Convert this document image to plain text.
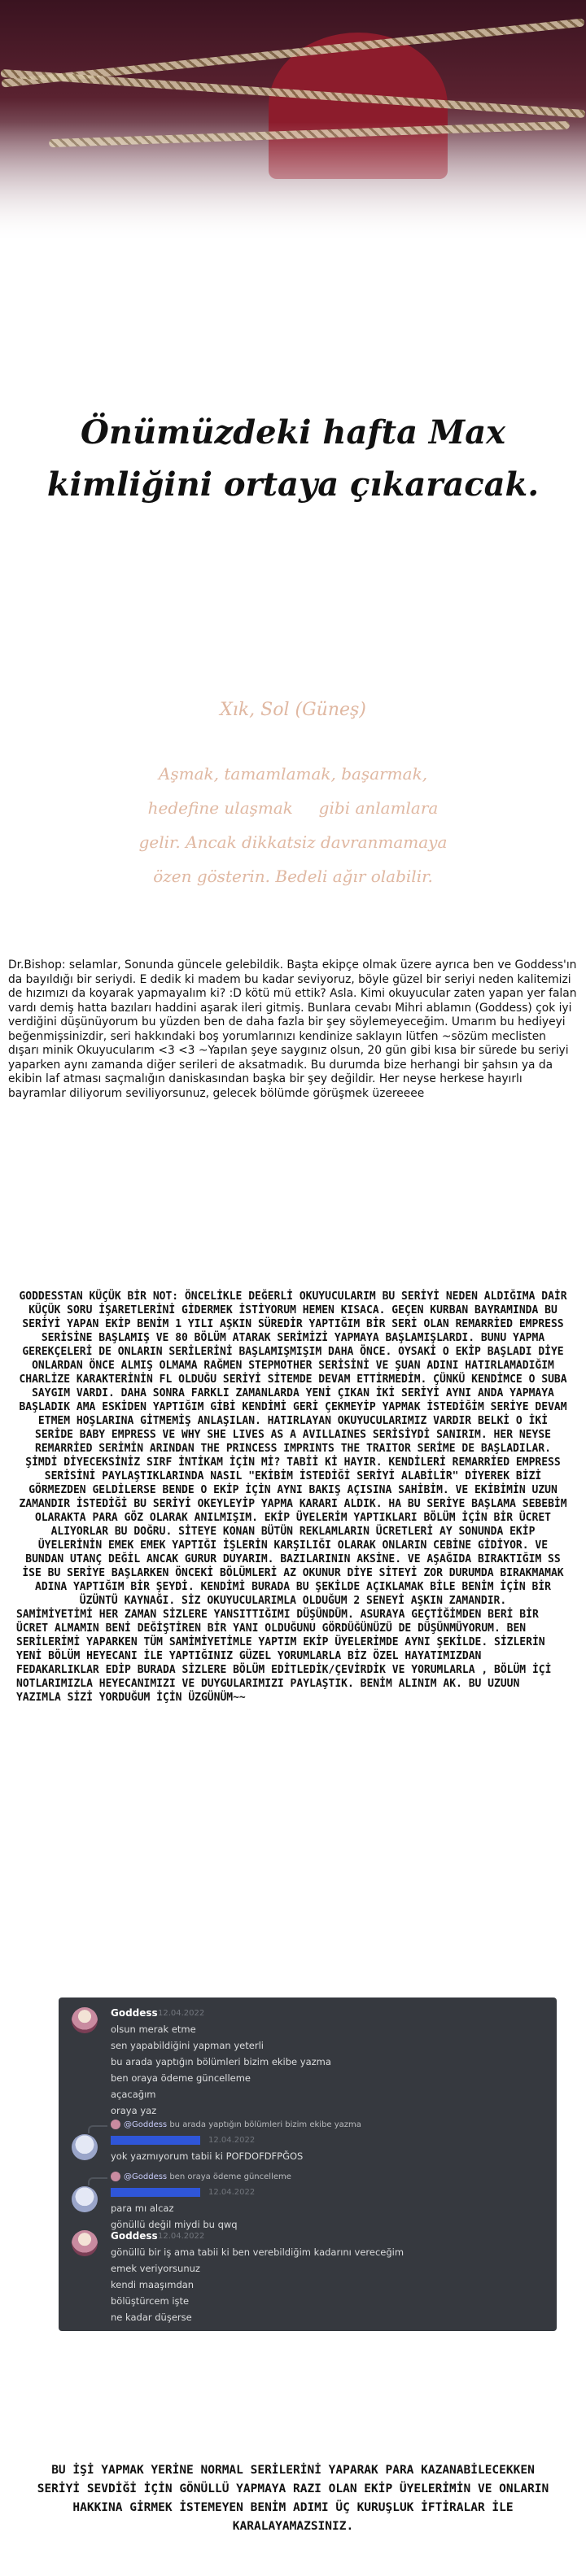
Önümüzdeki hafta Max
kimliğini ortaya çıkaracak.
Xık, Sol (Güneş)
Aşmak, tamamlamak, başarmak,
hedefine ulaşmak     gibi anlamlara
gelir. Ancak dikkatsiz davranmamaya
özen gösterin. Bedeli ağır olabilir.
Dr.Bishop: selamlar, Sonunda güncele gelebildik. Başta ekipçe olmak üzere ayrıca ben ve Goddess'ın da bayıldığı bir seriydi. E dedik ki madem bu kadar seviyoruz, böyle güzel bir seriyi neden kalitemizi de hızımızı da koyarak yapmayalım ki? :D kötü mü ettik? Asla. Kimi okuyucular zaten yapan yer falan vardı demiş hatta bazıları haddini aşarak ileri gitmiş. Bunlara cevabı Mihri ablamın (Goddess) çok iyi verdiğini düşünüyorum bu yüzden ben de daha fazla bir şey söylemeyeceğim. Umarım bu hediyeyi beğenmişsinizdir, seri hakkındaki boş yorumlarınızı kendinize saklayın lütfen ~sözüm meclisten dışarı minik Okuyucularım <3 <3 ~Yapılan şeye saygınız olsun, 20 gün gibi kısa bir sürede bu seriyi yaparken aynı zamanda diğer serileri de aksatmadık. Bu durumda bize herhangi bir şahsın ya da ekibin laf atması saçmalığın daniskasından başka bir şey değildir. Her neyse herkese hayırlı bayramlar diliyorum seviliyorsunuz, gelecek bölümde görüşmek üzereeee
GODDESSTAN KÜÇÜK BİR NOT: ÖNCELİKLE DEĞERLİ OKUYUCULARIM BU SERİYİ NEDEN ALDIĞIMA DAİR KÜÇÜK SORU İŞARETLERİNİ GİDERMEK İSTİYORUM HEMEN KISACA. GEÇEN KURBAN BAYRAMINDA BU SERİYİ YAPAN EKİP BENİM 1 YILI AŞKIN SÜREDİR YAPTIĞIM BİR SERİ OLAN REMARRİED EMPRESS SERİSİNE BAŞLAMIŞ VE 80 BÖLÜM ATARAK SERİMİZİ YAPMAYA BAŞLAMIŞLARDI. BUNU YAPMA GEREKÇELERİ DE ONLARIN SERİLERİNİ BAŞLAMIŞMIŞIM DAHA ÖNCE. OYSAKİ O EKİP BAŞLADI DİYE ONLARDAN ÖNCE ALMIŞ OLMAMA RAĞMEN STEPMOTHER SERİSİNİ VE ŞUAN ADINI HATIRLAMADIĞIM CHARLİZE KARAKTERİNİN FL OLDUĞU SERİYİ SİTEMDE DEVAM ETTİRMEDİM. ÇÜNKÜ KENDİMCE O SUBA SAYGIM VARDI. DAHA SONRA FARKLI ZAMANLARDA YENİ ÇIKAN İKİ SERİYİ AYNI ANDA YAPMAYA BAŞLADIK AMA ESKİDEN YAPTIĞIM GİBİ KENDİMİ GERİ ÇEKMEYİP YAPMAK İSTEDİĞİM SERİYE DEVAM ETMEM HOŞLARINA GİTMEMİŞ ANLAŞILAN. HATIRLAYAN OKUYUCULARIMIZ VARDIR BELKİ O İKİ SERİDE BABY EMPRESS VE WHY SHE LIVES AS A AVILLAINES SERİSİYDİ SANIRIM. HER NEYSE REMARRİED SERİMİN ARINDAN THE PRINCESS IMPRINTS THE TRAITOR SERİME DE BAŞLADILAR. ŞİMDİ DİYECEKSİNİZ SIRF İNTİKAM İÇİN Mİ? TABİİ Kİ HAYIR. KENDİLERİ REMARRİED EMPRESS SERİSİNİ PAYLAŞTIKLARINDA NASIL "EKİBİM İSTEDİĞİ SERİYİ ALABİLİR" DİYEREK BİZİ GÖRMEZDEN GELDİLERSE BENDE O EKİP İÇİN AYNI BAKIŞ AÇISINA SAHİBİM. VE EKİBİMİN UZUN ZAMANDIR İSTEDİĞİ BU SERİYİ OKEYLEYİP YAPMA KARARI ALDIK. HA BU SERİYE BAŞLAMA SEBEBİM OLARAKTA PARA GÖZ OLARAK ANILMIŞIM. EKİP ÜYELERİM YAPTIKLARI BÖLÜM İÇİN BİR ÜCRET ALIYORLAR BU DOĞRU. SİTEYE KONAN BÜTÜN REKLAMLARIN ÜCRETLERİ AY SONUNDA EKİP ÜYELERİNİN EMEK EMEK YAPTIĞI İŞLERİN KARŞILIĞI OLARAK ONLARIN CEBİNE GİDİYOR. VE BUNDAN UTANÇ DEĞİL ANCAK GURUR DUYARIM. BAZILARININ AKSİNE. VE AŞAĞIDA BIRAKTIĞIM SS İSE BU SERİYE BAŞLARKEN ÖNCEKİ BÖLÜMLERİ AZ OKUNUR DİYE SİTEYİ ZOR DURUMDA BIRAKMAMAK ADINA YAPTIĞIM BİR ŞEYDİ. KENDİMİ BURADA BU ŞEKİLDE AÇIKLAMAK BİLE BENİM İÇİN BİR ÜZÜNTÜ KAYNAĞI. SİZ OKUYUCULARIMLA OLDUĞUM 2 SENEYİ AŞKIN ZAMANDIR.
SAMİMİYETİMİ HER ZAMAN SİZLERE YANSITTIĞIMI DÜŞÜNDÜM. ASURAYA GEÇTİĞİMDEN BERİ BİR ÜCRET ALMAMIN BENİ DEĞİŞTİREN BİR YANI OLDUĞUNU GÖRDÜĞÜNÜZÜ DE DÜŞÜNMÜYORUM. BEN SERİLERİMİ YAPARKEN TÜM SAMİMİYETİMLE YAPTIM EKİP ÜYELERİMDE AYNI ŞEKİLDE. SİZLERİN YENİ BÖLÜM HEYECANI İLE YAPTIĞINIZ GÜZEL YORUMLARLA BİZ ÖZEL HAYATIMIZDAN FEDAKARLIKLAR EDİP BURADA SİZLERE BÖLÜM EDİTLEDİK/ÇEVİRDİK VE YORUMLARLA , BÖLÜM İÇİ NOTLARIMIZLA HEYECANIMIZI VE DUYGULARIMIZI PAYLAŞTIK. BENİM ALINIM AK. BU UZUUN YAZIMLA SİZİ YORDUĞUM İÇİN ÜZGÜNÜM~~
Goddess 12.04.2022
olsun merak etme
sen yapabildiğini yapman yeterli
bu arada yaptığın bölümleri bizim ekibe yazma
ben oraya ödeme güncelleme
açacağım
oraya yaz
@Goddess bu arada yaptığın bölümleri bizim ekibe yazma
12.04.2022
yok yazmıyorum tabii ki POFDOFDFPĞOS
@Goddess ben oraya ödeme güncelleme
12.04.2022
para mı alcaz
gönüllü değil miydi bu qwq
Goddess 12.04.2022
gönüllü bir iş ama tabii ki ben verebildiğim kadarını vereceğim
emek veriyorsunuz
kendi maaşımdan
bölüştürcem işte
ne kadar düşerse
BU İŞİ YAPMAK YERİNE NORMAL SERİLERİNİ YAPARAK PARA KAZANABİLECEKKEN SERİYİ SEVDİĞİ İÇİN GÖNÜLLÜ YAPMAYA RAZI OLAN EKİP ÜYELERİMİN VE ONLARIN HAKKINA GİRMEK İSTEMEYEN BENİM ADIMI ÜÇ KURUŞLUK İFTİRALAR İLE KARALAYAMAZSINIZ.
